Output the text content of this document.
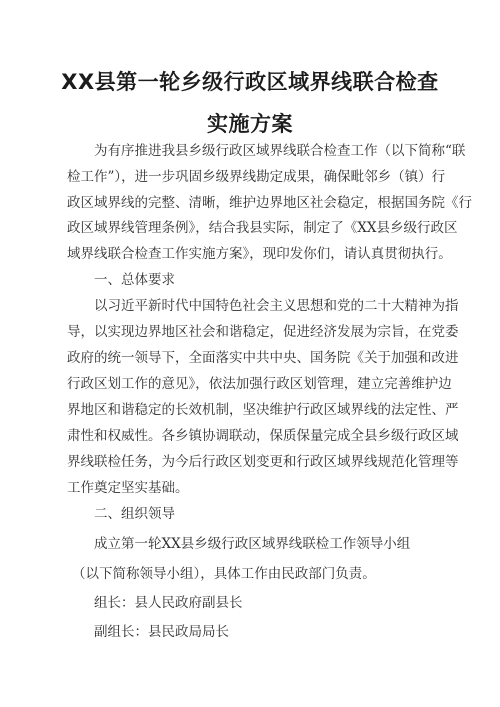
XX县第一轮乡级行政区域界线联合检查
实施方案
为有序推进我县乡级行政区域界线联合检查工作（以下简称“联
检工作”），进一步巩固乡级界线勘定成果，确保毗邻乡（镇）行
政区域界线的完整、清晰，维护边界地区社会稳定，根据国务院《行
政区域界线管理条例》，结合我县实际，制定了《XX县乡级行政区
域界线联合检查工作实施方案》，现印发你们，请认真贯彻执行。
一、总体要求
以习近平新时代中国特色社会主义思想和党的二十大精神为指
导，以实现边界地区社会和谐稳定，促进经济发展为宗旨，在党委
政府的统一领导下，全面落实中共中央、国务院《关于加强和改进
行政区划工作的意见》，依法加强行政区划管理，建立完善维护边
界地区和谐稳定的长效机制，坚决维护行政区域界线的法定性、严
肃性和权威性。各乡镇协调联动，保质保量完成全县乡级行政区域
界线联检任务，为今后行政区划变更和行政区域界线规范化管理等
工作奠定坚实基础。
二、组织领导
成立第一轮XX县乡级行政区域界线联检工作领导小组
（以下简称领导小组），具体工作由民政部门负责。
组长：县人民政府副县长
副组长：县民政局局长
